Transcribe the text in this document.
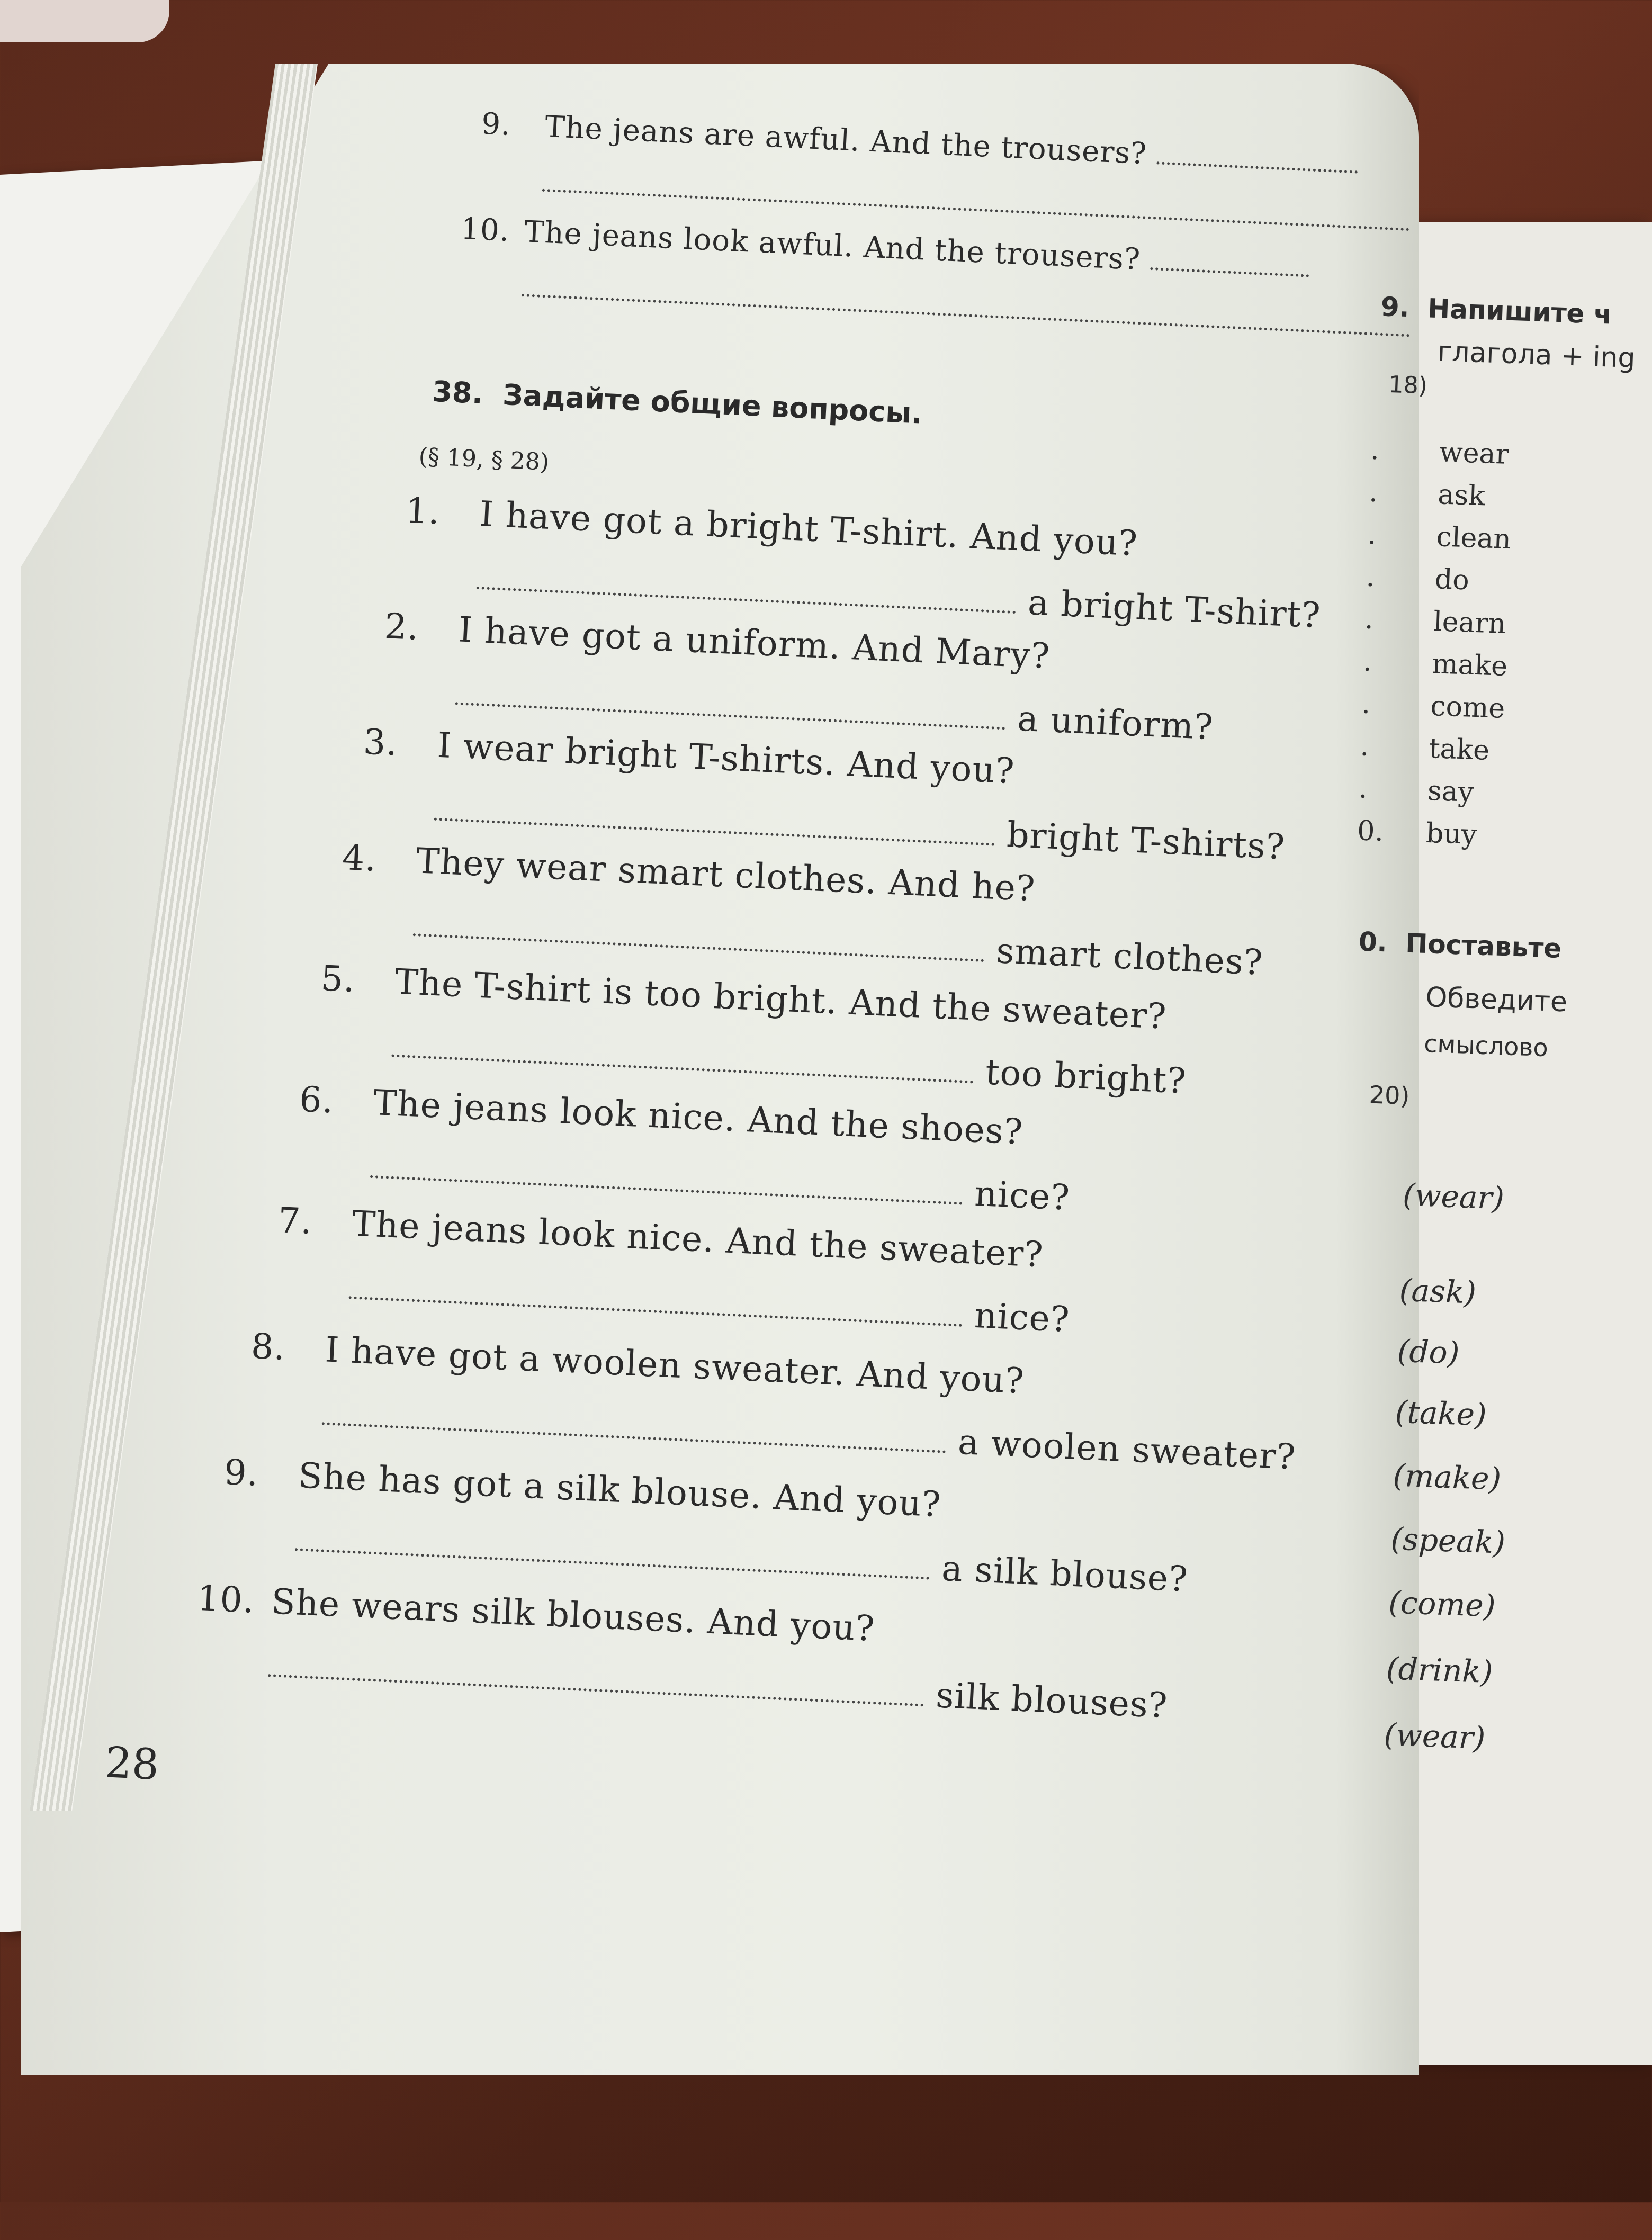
9. The jeans are awful. And the trousers?
10. The jeans look awful. And the trousers?
38. Задайте общие вопросы.
(§ 19, § 28)
1. I have got a bright T-shirt. And you?
a bright T-shirt?
2. I have got a uniform. And Mary?
a uniform?
3. I wear bright T-shirts. And you?
bright T-shirts?
4. They wear smart clothes. And he?
smart clothes?
5. The T-shirt is too bright. And the sweater?
too bright?
6. The jeans look nice. And the shoes?
nice?
7. The jeans look nice. And the sweater?
nice?
8. I have got a woolen sweater. And you?
a woolen sweater?
9. She has got a silk blouse. And you?
a silk blouse?
10. She wears silk blouses. And you?
silk blouses?
28
9. Напишите ч
глагола + ing
18)
. wear
. ask
. clean
. do
. learn
. make
. come
. take
. say
0. buy
0. Поставьте
Обведите
смыслово
20)
(wear)
(ask)
(do)
(take)
(make)
(speak)
(come)
(drink)
(wear)
